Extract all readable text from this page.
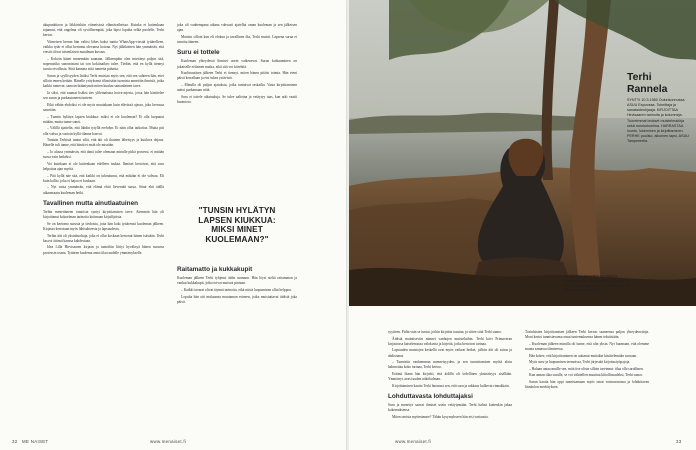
akupunktioon ja läkkiriskiin viimeisissä elämävaiheissa. Kuinka et kuitenkaan tajunnut, että ongelma oli syvällisempää, joka hipsi lopulta selkä puolelle, Terhi kertoo.

Viimeisen kerran hän valitsi lähes kaksi tuntia WhatsApp-viestiä tyttärelleen, vaikka tytär ei ollut kertonut olevansa kotona. Nyt jälkikäteen hän ymmärtää, että viestit olivat toisenlaisen maailman kuvaus.

– Kokoin hänet menemään saunaan. Jälkeenpäin olen miettinyt paljon sitä, noperastiko sanomistani tai son kokiinaikeo tulee. Tiedän, että en kyllä tiennyt tuosta oivallusta. Siitä kannata siitä tunnetta pahasta.

Surun ja syyllisyyden lisäksi Terhi muistaa myös sen, että sen suhteen hän, ettei silloin ennen ketään. Hänelle yrityksenä tilinsisään tuomista annettiin ihmisiä, jotka kaikki tuntevat, samoin ikääntymiä miten kuuluu samanlainen tarve.

Ja siksi, että saamat lisäksi ties ylileinaisina hoiva-arjesta, jossa hän käsittelee sen surun ja purkautuneen tunteen.

Eikä vähän ehdoiksi ei ole myös muutakaan kuin elävässä ajassa, joka kerrassa sanottiin.

– Tunnin hylätyn lapsen kiukkua: miksi et ole kuoleman? Ei olla luopunut mitään, mutta tunne sanoi.

– Välillä ajattelin, että lähdin tytyllä erehdyn. Ei näin ollut tarkoitus. Mutta piti olla vahva ja vastoin kyllä tilanne kasvoi.

Tuntuin Terhistä tuntui siltä, että äiti oli ikuinen läheisyys ja kuuluva ohjaus. Hänelle tuli tunne, että häntä ei enää ole missään.

– Jo alussa ymmärsin, että tämä tulee olemaan minulle pitkä prosessi, ei mitään surua vain hetkeksi.

Voi kuinkaan ei ole kuitenkaan edelleen tuskaa. Ihmiset kertoivat, että suru helpottaa ajan myötä.

– Pitä kyllä näe sitä, että kaikki on tuhoutunut, että mikään ei ole vahvaa. Eli kuin kallio, joka ei hajoa ei koskaan.

– Nyt vasta ymmärrän, että elämä ehtii lieventää surua. Siinä ehti täällä aikaansaatu kuoleman hetki.

Tavallinen mutta ainutlaatuinen

Terhin menettäneen tuntoista syntyi kirjoittamisen tarve. Aiemmin hän oli kirjoittanut kokoelman tarinoita kotimaan kirjailijoista.

Se on kertoma surusta ja tiedoista, joita hän koki tyttärensä kuoleman jälkeen. Kirjassa kerrotaan myös lähisuhteesta ja lapsuudesta.

Terhin äiti oli yksinhuoltaja, joka ei ollut koskaan kertonut hänen isästään. Terhi kasvoi äitinsä kanssa kahdestaan.

Idea Lilla Hirvisaaren kirjaan ja tuntoihin liittyi hyväksyä hänen surunsa prosessin osana. Tyttären kuolema antoi tilaa uudelle ymmärrykselle.

joka oli vanhempana aikana vahvasti ajatellut oman kuoleman ja sen jälkeisen ajan.

Muistin silloin kun eli elokuu ja tavallinen ilta, Terhi muisti. Lapsena surua ei sanottu ääneen.

Suru ei tottele

Kuoleman yhteydessä ihmiset usein vaikenevat. Surun kohtaaminen on jokaiselle erilainen matka, eikä sitä voi kiirehtiä.

Kuolinuutisen jälkeen Terhi ei tiennyt, miten hänen pitäisi toimia. Hän eteni päivä kerrallaan ja etsi tukea ystävistä.

– Minulla oli paljon ajatuksia, jotka tuntuivat raskailta. Vasta kirjoittaminen auttoi purkamaan niitä.

Suru ei tottele aikatauluja. Se tulee aaltoina ja vetäytyy taas, kun arki vaatii huomiota.

"TUNSIN HYLÄTYN
LAPSEN KIUKKUA:
MIKSI MINET
KUOLEMAAN?"
Raitamatto ja kukkakupit

Kuoleman jälkeen Terhi tyhjensi äidin asunnon. Hän löysi sieltä raitamaton ja vanhat kukkakupit, jotka toivat muistot pintaan.

– Kaikki tavarat olivat täynnä tarinoita, eikä niistä luopuminen ollut helppoa.

Lopulta hän otti mukaansa muutaman esineen, jotka muistuttavat äidistä joka päivä.

32 ME NAISET	www.menaiset.fi
Terhi
Rannela
SYNTYI 10.3.1980 Oulunkonnussa. ASUU Espoossa. Toimittaja ja sanataideohjaaja. KIRJOITTAA Hirvisaaren tarinoita ja kolumneja. Tuoreimmat teokset muistelmakirja sekä runokokoelma. HARRASTAA luonto, lukeminen ja kirjoittaminen. PERHE puoliso, aikuinen lapsi. ASUU Tampereella.
"Metsä pakopaikka on sataa ja voimaantuuja, hiljaisia paikkoja, joissa voi olla aivan itseään vieressä. Minulla se on tiivistunut kiven päällä."

syytteen. Pidin vain se tuntui, joihin kirjoitin taustan, ja sitten siitä Terhi sanoo.

Äidistä mainitseviin minnet vanhojen muisteluihin. Terhi kävi Primaveran kirjastossa katselemassa valokuvia ja kirjeitä, jotka kertoivat tarinaa.

Lapsuuden muistojen keskellä ovat myös vaikeat hetket, jolloin äiti oli sairas ja ahdistunut.

– Tunnistin vanhemman menneisyyden, ja sen tunnistamisen myötä aloin hahmottaa koko tarinaa, Terhi kertoo.

Eräänä iltana hän kirjoitti, että äidillä oli todellinen yksinäisyys sisällään. Ymmärrys avasi uuden näkökulman.

Kirjoittamisen kautta Terhi huomasi sen, että suru ja rakkaus kulkevat rinnakkain.

Lohduttavasta lohduttajaksi

Suru ja menetys saavat ihmiset usein vetäytymään. Terhi halusi kuitenkin jakaa kokemuksensa.

Miten omista myönsimme? Tähän kysymykseen hän etsi vastausta.

Tosinlaisten kirjoittamisen jälkeen Terhi kertoo saaneensa paljon yhteydenottoja. Moni kertoi tunnistavansa omat tuntemuksensa hänen tekstistään.

– Kuoleman jälkeen minulla oli tunne, että olin yksin. Nyt huomaan, että olemme monta samassa tilanteessa.

Hän kokee, että kirjoittaminen on auttanut muitakin käsittelemään suruaan.

Myös suru-ja luopumisen teemoissa, Terhi järjestää kirjoitustyöpajoja.

– Haluan antaa muille sen, mitä itse olisin silloin tarvinnut: tilaa olla surullinen.

Kun annan tilaa surulle, se voi vähitellen muuttua kiitollisuudeksi, Terhi sanoo.

Surun kautta hän oppi tunnistamaan myös omat voimavaransa ja lohduttavan läsnäolon merkityksen.

www.menaiset.fi	33
